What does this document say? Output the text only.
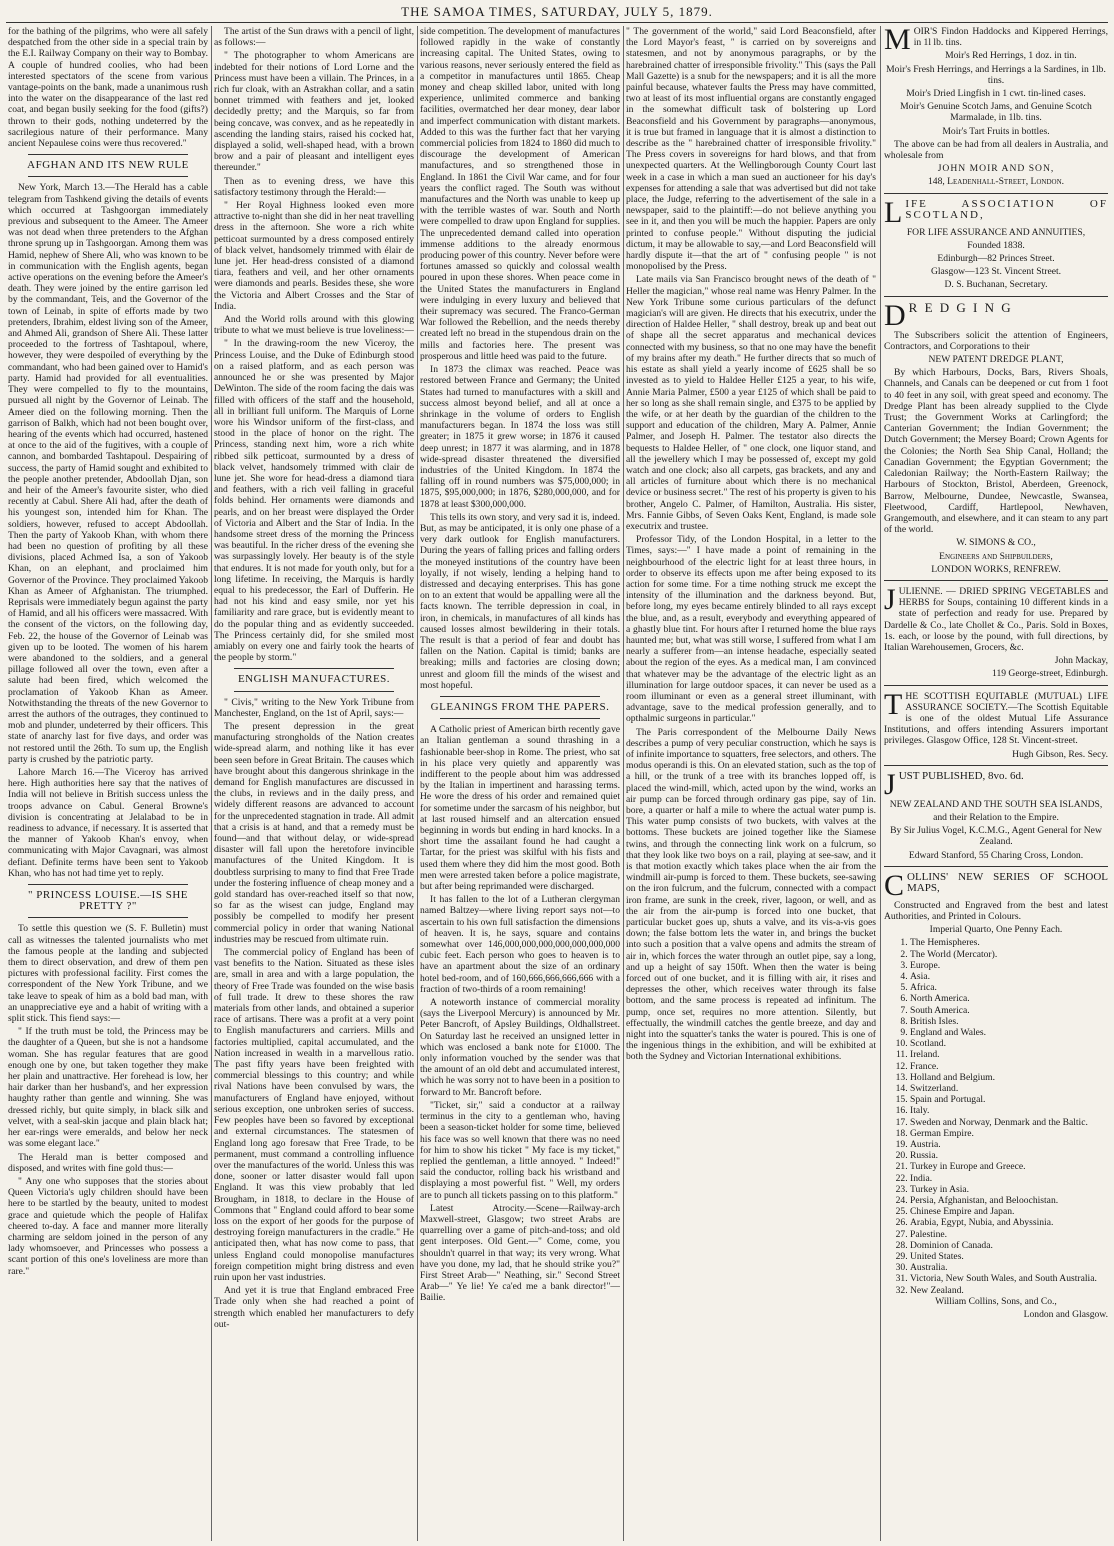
THE SAMOA TIMES, SATURDAY, JULY 5, 1879.

for the bathing of the pilgrims, who were all safely despatched from the other side in a special train by the E.I. Railway Company on their way to Bombay. A couple of hundred coolies, who had been interested spectators of the scene from various vantage-points on the bank, made a unanimous rush into the water on the disappearance of the last red coat, and began busily seeking for the food (gifts?) thrown to their gods, nothing undeterred by the sacrilegious nature of their performance. Many ancient Nepaulese coins were thus recovered."

AFGHAN AND ITS NEW RULE

New York, March 13.—The Herald has a cable telegram from Tashkend giving the details of events which occurred at Tashgoorgan immediately previous and subsequent to the Ameer. The Ameer was not dead when three pretenders to the Afghan throne sprung up in Tashgoorgan. Among them was Hamid, nephew of Shere Ali, who was known to be in communication with the English agents, began active operations on the evening before the Ameer's death. They were joined by the entire garrison led by the commandant, Teis, and the Governor of the town of Leinab, in spite of efforts made by two pretenders, Ibrahim, eldest living son of the Ameer, and Ahmed Ali, grandson of Shere Ali. These latter proceeded to the fortress of Tashtapoul, where, however, they were despoiled of everything by the commandant, who had been gained over to Hamid's party. Hamid had provided for all eventualities. They were compelled to fly to the mountains, pursued all night by the Governor of Leinab. The Ameer died on the following morning. Then the garrison of Balkh, which had not been bought over, hearing of the events which had occurred, hastened at once to the aid of the fugitives, with a couple of cannon, and bombarded Tashtapoul. Despairing of success, the party of Hamid sought and exhibited to the people another pretender, Abdoollah Djan, son and heir of the Ameer's favourite sister, who died recently at Cabul. Shere Ali had, after the death of his youngest son, intended him for Khan. The soldiers, however, refused to accept Abdoollah. Then the party of Yakoob Khan, with whom there had been no question of profiting by all these divisions, placed Achmed Isa, a son of Yakoob Khan, on an elephant, and proclaimed him Governor of the Province. They proclaimed Yakoob Khan as Ameer of Afghanistan. The triumphed. Reprisals were immediately begun against the party of Hamid, and all his officers were massacred. With the consent of the victors, on the following day, Feb. 22, the house of the Governor of Leinab was given up to be looted. The women of his harem were abandoned to the soldiers, and a general pillage followed all over the town, even after a salute had been fired, which welcomed the proclamation of Yakoob Khan as Ameer. Notwithstanding the threats of the new Governor to arrest the authors of the outrages, they continued to mob and plunder, undeterred by their officers. This state of anarchy last for five days, and order was not restored until the 26th. To sum up, the English party is crushed by the patriotic party.

Lahore March 16.—The Viceroy has arrived here. High authorities here say that the natives of India will not believe in British success unless the troops advance on Cabul. General Browne's division is concentrating at Jelalabad to be in readiness to advance, if necessary. It is asserted that the manner of Yakoob Khan's envoy, when communicating with Major Cavagnari, was almost defiant. Definite terms have been sent to Yakoob Khan, who has not had time yet to reply.

" PRINCESS LOUISE.—IS SHE PRETTY ?"

To settle this question we (S. F. Bulletin) must call as witnesses the talented journalists who met the famous people at the landing and subjected them to direct observation, and drew of them pen pictures with professional facility. First comes the correspondent of the New York Tribune, and we take leave to speak of him as a bold bad man, with an unappreciative eye and a habit of writing with a split stick. This fiend says:—

" If the truth must be told, the Princess may be the daughter of a Queen, but she is not a handsome woman. She has regular features that are good enough one by one, but taken together they make her plain and unattractive. Her forehead is low, her hair darker than her husband's, and her expression haughty rather than gentle and winning. She was dressed richly, but quite simply, in black silk and velvet, with a seal-skin jacque and plain black hat; her ear-rings were emeralds, and below her neck was some elegant lace."

The Herald man is better composed and disposed, and writes with fine gold thus:—

" Any one who supposes that the stories about Queen Victoria's ugly children should have been here to be startled by the beauty, united to modest grace and quietude which the people of Halifax cheered to-day. A face and manner more literally charming are seldom joined in the person of any lady whomsoever, and Princesses who possess a scant portion of this one's loveliness are more than rare."

The artist of the Sun draws with a pencil of light, as follows:—

" The photographer to whom Americans are indebted for their notions of Lord Lorne and the Princess must have been a villain. The Princes, in a rich fur cloak, with an Astrakhan collar, and a satin bonnet trimmed with feathers and jet, looked decidedly pretty; and the Marquis, so far from being concave, was convex, and as he repeatedly in ascending the landing stairs, raised his cocked hat, displayed a solid, well-shaped head, with a brown brow and a pair of pleasant and intelligent eyes thereunder."

Then as to evening dress, we have this satisfactory testimony through the Herald:—

" Her Royal Highness looked even more attractive to-night than she did in her neat travelling dress in the afternoon. She wore a rich white petticoat surmounted by a dress composed entirely of black velvet, handsomely trimmed with élair de lune jet. Her head-dress consisted of a diamond tiara, feathers and veil, and her other ornaments were diamonds and pearls. Besides these, she wore the Victoria and Albert Crosses and the Star of India.

And the World rolls around with this glowing tribute to what we must believe is true loveliness:—

" In the drawing-room the new Viceroy, the Princess Louise, and the Duke of Edinburgh stood on a raised platform, and as each person was announced he or she was presented by Major DeWinton. The side of the room facing the dais was filled with officers of the staff and the household, all in brilliant full uniform. The Marquis of Lorne wore his Windsor uniform of the first-class, and stood in the place of honor on the right. The Princess, standing next him, wore a rich white ribbed silk petticoat, surmounted by a dress of black velvet, handsomely trimmed with clair de lune jet. She wore for head-dress a diamond tiara and feathers, with a rich veil falling in graceful folds behind. Her ornaments were diamonds and pearls, and on her breast were displayed the Order of Victoria and Albert and the Star of India. In the handsome street dress of the morning the Princess was beautiful. In the richer dress of the evening she was surpassingly lovely. Her beauty is of the style that endures. It is not made for youth only, but for a long lifetime. In receiving, the Marquis is hardly equal to his predecessor, the Earl of Dufferin. He had not his kind and easy smile, nor yet his familiarity and rare grace, but is evidently meant to do the popular thing and as evidently succeeded. The Princess certainly did, for she smiled most amiably on every one and fairly took the hearts of the people by storm."

ENGLISH MANUFACTURES.

" Civis," writing to the New York Tribune from Manchester, England, on the 1st of April, says:—

The present depression in the great manufacturing strongholds of the Nation creates wide-spread alarm, and nothing like it has ever been seen before in Great Britain. The causes which have brought about this dangerous shrinkage in the demand for English manufactures are discussed in the clubs, in reviews and in the daily press, and widely different reasons are advanced to account for the unprecedented stagnation in trade. All admit that a crisis is at hand, and that a remedy must be found—and that without delay, or wide-spread disaster will fall upon the heretofore invincible manufactures of the United Kingdom. It is doubtless surprising to many to find that Free Trade under the fostering influence of cheap money and a gold standard has over-reached itself so that now, so far as the wisest can judge, England may possibly be compelled to modify her present commercial policy in order that waning National industries may be rescued from ultimate ruin.

The commercial policy of England has been of vast benefits to the Nation. Situated as these isles are, small in area and with a large population, the theory of Free Trade was founded on the wise basis of full trade. It drew to these shores the raw materials from other lands, and obtained a superior race of artisans. There was a profit at a very point to English manufacturers and carriers. Mills and factories multiplied, capital accumulated, and the Nation increased in wealth in a marvellous ratio. The past fifty years have been freighted with commercial blessings to this country; and while rival Nations have been convulsed by wars, the manufacturers of England have enjoyed, without serious exception, one unbroken series of success. Few peoples have been so favored by exceptional and external circumstances. The statesmen of England long ago foresaw that Free Trade, to be permanent, must command a controlling influence over the manufactures of the world. Unless this was done, sooner or latter disaster would fall upon England. It was this view probably that led Brougham, in 1818, to declare in the House of Commons that " England could afford to bear some loss on the export of her goods for the purpose of destroying foreign manufacturers in the cradle." He anticipated then, what has now come to pass, that unless England could monopolise manufactures foreign competition might bring distress and even ruin upon her vast industries.

And yet it is true that England embraced Free Trade only when she had reached a point of strength which enabled her manufacturers to defy out-

side competition. The development of manufactures followed rapidly in the wake of constantly increasing capital. The United States, owing to various reasons, never seriously entered the field as a competitor in manufactures until 1865. Cheap money and cheap skilled labor, united with long experience, unlimited commerce and banking facilities, overmatched her dear money, dear labor and imperfect communication with distant markets. Added to this was the further fact that her varying commercial policies from 1824 to 1860 did much to discourage the development of American manufactures, and so strengthened those in England. In 1861 the Civil War came, and for four years the conflict raged. The South was without manufactures and the North was unable to keep up with the terrible wastes of war. South and North were compelled to draw upon England for supplies. The unprecedented demand called into operation immense additions to the already enormous producing power of this country. Never before were fortunes amassed so quickly and colossal wealth poured in upon these shores. When peace come in the United States the manufacturers in England were indulging in every luxury and believed that their supremacy was secured. The Franco-German War followed the Rebellion, and the needs thereby created left no bread in the stupendous drain on the mills and factories here. The present was prosperous and little heed was paid to the future.

In 1873 the climax was reached. Peace was restored between France and Germany; the United States had turned to manufactures with a skill and success almost beyond belief, and all at once a shrinkage in the volume of orders to English manufacturers began. In 1874 the loss was still greater; in 1875 it grew worse; in 1876 it caused deep unrest; in 1877 it was alarming, and in 1878 wide-spread disaster threatened the diversified industries of the United Kingdom. In 1874 the falling off in round numbers was $75,000,000; in 1875, $95,000,000; in 1876, $280,000,000, and for 1878 at least $300,000,000.

This tells its own story, and very sad it is, indeed. But, as may be anticipated, it is only one phase of a very dark outlook for English manufacturers. During the years of falling prices and falling orders the moneyed institutions of the country have been loyally, if not wisely, lending a helping hand to distressed and decaying enterprises. This has gone on to an extent that would be appalling were all the facts known. The terrible depression in coal, in iron, in chemicals, in manufactures of all kinds has caused losses almost bewildering in their totals. The result is that a period of fear and doubt has fallen on the Nation. Capital is timid; banks are breaking; mills and factories are closing down; unrest and gloom fill the minds of the wisest and most hopeful.

GLEANINGS FROM THE PAPERS.

A Catholic priest of American birth recently gave an Italian gentleman a sound thrashing in a fashionable beer-shop in Rome. The priest, who sat in his place very quietly and apparently was indifferent to the people about him was addressed by the Italian in impertinent and harassing terms. He wore the dress of his order and remained quiet for sometime under the sarcasm of his neighbor, but at last roused himself and an altercation ensued beginning in words but ending in hard knocks. In a short time the assailant found he had caught a Tartar, for the priest was skilful with his fists and used them where they did him the most good. Both men were arrested taken before a police magistrate, but after being reprimanded were discharged.

It has fallen to the lot of a Lutheran clergyman named Baltzey—where living report says not—to ascertain to his own full satisfaction the dimensions of heaven. It is, he says, square and contains somewhat over 146,000,000,000,000,000,000,000 cubic feet. Each person who goes to heaven is to have an apartment about the size of an ordinary hotel bed-room, and of 160,666,666,666,666 with a fraction of two-thirds of a room remaining!

A noteworth instance of commercial morality (says the Liverpool Mercury) is announced by Mr. Peter Bancroft, of Apsley Buildings, Oldhallstreet. On Saturday last he received an unsigned letter in which was enclosed a bank note for £1000. The only information vouched by the sender was that the amount of an old debt and accumulated interest, which he was sorry not to have been in a position to forward to Mr. Bancroft before.

"Ticket, sir," said a conductor at a railway terminus in the city to a gentleman who, having been a season-ticket holder for some time, believed his face was so well known that there was no need for him to show his ticket " My face is my ticket," replied the gentleman, a little annoyed. " Indeed!" said the conductor, rolling back his wristband and displaying a most powerful fist. " Well, my orders are to punch all tickets passing on to this platform."

Latest Atrocity.—Scene—Railway-arch Maxwell-street, Glasgow; two street Arabs are quarrelling over a game of pitch-and-toss; and old gent interposes. Old Gent.—" Come, come, you shouldn't quarrel in that way; its very wrong. What have you done, my lad, that he should strike you?" First Street Arab—" Neathing, sir." Second Street Arab—" Ye lie! Ye ca'ed me a bank director!"—Bailie.

" The government of the world," said Lord Beaconsfield, after the Lord Mayor's feast, " is carried on by sovereigns and statesmen, and not by anonymous paragraphs, or by the harebrained chatter of irresponsible frivolity." This (says the Pall Mall Gazette) is a snub for the newspapers; and it is all the more painful because, whatever faults the Press may have committed, two at least of its most influential organs are constantly engaged in the somewhat difficult task of bolstering up Lord Beaconsfield and his Government by paragraphs—anonymous, it is true but framed in language that it is almost a distinction to describe as the " harebrained chatter of irresponsible frivolity." The Press covers in sovereigns for hard blows, and that from unexpected quarters. At the Wellingborough County Court last week in a case in which a man sued an auctioneer for his day's expenses for attending a sale that was advertised but did not take place, the Judge, referring to the advertisement of the sale in a newspaper, said to the plaintiff:—do not believe anything you see in it, and then you will be much the happier. Papers are only printed to confuse people." Without disputing the judicial dictum, it may be allowable to say,—and Lord Beaconsfield will hardly dispute it—that the art of " confusing people " is not monopolised by the Press.

Late mails via San Francisco brought news of the death of " Heller the magician," whose real name was Henry Palmer. In the New York Tribune some curious particulars of the defunct magician's will are given. He directs that his executrix, under the direction of Haldee Heller, " shall destroy, break up and beat out of shape all the secret apparatus and mechanical devices connected with my business, so that no one may have the benefit of my brains after my death." He further directs that so much of his estate as shall yield a yearly income of £625 shall be so invested as to yield to Haldee Heller £125 a year, to his wife, Annie Maria Palmer, £500 a year £125 of which shall be paid to her so long as she shall remain single, and £375 to be applied by the wife, or at her death by the guardian of the children to the support and education of the children, Mary A. Palmer, Annie Palmer, and Joseph H. Palmer. The testator also directs the bequests to Haldee Heller, of " one clock, one liquor stand, and all the jewellery which I may be possessed of, except my gold watch and one clock; also all carpets, gas brackets, and any and all articles of furniture about which there is no mechanical device or business secret." The rest of his property is given to his brother, Angelo C. Palmer, of Hamilton, Australia. His sister, Mrs. Fannie Gibbs, of Seven Oaks Kent, England, is made sole executrix and trustee.

Professor Tidy, of the London Hospital, in a letter to the Times, says:—" I have made a point of remaining in the neighbourhood of the electric light for at least three hours, in order to observe its effects upon me after being exposed to its action for some time. For a time nothing struck me except the intensity of the illumination and the darkness beyond. But, before long, my eyes became entirely blinded to all rays except the blue, and, as a result, everybody and everything appeared of a ghastly blue tint. For hours after I returned home the blue rays haunted me; but, what was still worse, I suffered from what I am nearly a sufferer from—an intense headache, especially seated about the region of the eyes. As a medical man, I am convinced that whatever may be the advantage of the electric light as an illumination for large outdoor spaces, it can never be used as a room illuminant or even as a general street illuminant, with advantage, save to the medical profession generally, and to opthalmic surgeons in particular."

The Paris correspondent of the Melbourne Daily News describes a pump of very peculiar construction, which he says is of infinite importance to squatters, free selectors, and others. The modus operandi is this. On an elevated station, such as the top of a hill, or the trunk of a tree with its branches lopped off, is placed the wind-mill, which, acted upon by the wind, works an air pump can be forced through ordinary gas pipe, say of 1in. bore, a quarter or half a mile to where the actual water pump is. This water pump consists of two buckets, with valves at the bottoms. These buckets are joined together like the Siamese twins, and through the connecting link work on a fulcrum, so that they look like two boys on a rail, playing at see-saw, and it is that motion exactly which takes place when the air from the windmill air-pump is forced to them. These buckets, see-sawing on the iron fulcrum, and the fulcrum, connected with a compact iron frame, are sunk in the creek, river, lagoon, or well, and as the air from the air-pump is forced into one bucket, that particular bucket goes up, shuts a valve, and its vis-a-vis goes down; the false bottom lets the water in, and brings the bucket into such a position that a valve opens and admits the stream of air in, which forces the water through an outlet pipe, say a long, and up a height of say 150ft. When then the water is being forced out of one bucket, and it is filling with air, it rises and depresses the other, which receives water through its false bottom, and the same process is repeated ad infinitum. The pump, once set, requires no more attention. Silently, but effectually, the windmill catches the gentle breeze, and day and night into the squatter's tanks the water is poured. This is one of the ingenious things in the exhibition, and will be exhibited at both the Sydney and Victorian International exhibitions.

MOIR'S Findon Haddocks and Kippered Herrings, in 1l lb. tins.

Moir's Red Herrings, 1 doz. in tin.

Moir's Fresh Herrings, and Herrings a la Sardines, in 1lb. tins.

Moir's Dried Lingfish in 1 cwt. tin-lined cases.

Moir's Genuine Scotch Jams, and Genuine Scotch Marmalade, in 1lb. tins.

Moir's Tart Fruits in bottles.

The above can be had from all dealers in Australia, and wholesale from

JOHN MOIR AND SON,

148, Leadenhall-Street, London.

LIFE ASSOCIATION OF SCOTLAND,

FOR LIFE ASSURANCE AND ANNUITIES,

Founded 1838.

Edinburgh—82 Princes Street.

Glasgow—123 St. Vincent Street.

D. S. Buchanan, Secretary.

D R E D G I N G

The Subscribers solicit the attention of Engineers, Contractors, and Corporations to their

NEW PATENT DREDGE PLANT,

By which Harbours, Docks, Bars, Rivers Shoals, Channels, and Canals can be deepened or cut from 1 foot to 40 feet in any soil, with great speed and economy. The Dredge Plant has been already supplied to the Clyde Trust; the Government Works at Carlingford; the Canterian Government; the Indian Government; the Dutch Government; the Mersey Board; Crown Agents for the Colonies; the North Sea Ship Canal, Holland; the Canadian Government; the Egyptian Government; the Caledonian Railway; the North-Eastern Railway; the Harbours of Stockton, Bristol, Aberdeen, Greenock, Barrow, Melbourne, Dundee, Newcastle, Swansea, Fleetwood, Cardiff, Hartlepool, Newhaven, Grangemouth, and elsewhere, and it can steam to any part of the world.

W. SIMONS & CO.,

Engineers and Shipbuilders,

LONDON WORKS, RENFREW.

JULIENNE. — DRIED SPRING VEGETABLES and HERBS for Soups, containing 10 different kinds in a state of perfection and ready for use. Prepared by Dardelle & Co., late Chollet & Co., Paris. Sold in Boxes, 1s. each, or loose by the pound, with full directions, by Italian Warehousemen, Grocers, &c.

John Mackay,

119 George-street, Edinburgh.

THE SCOTTISH EQUITABLE (MUTUAL) LIFE ASSURANCE SOCIETY.—The Scottish Equitable is one of the oldest Mutual Life Assurance Institutions, and offers intending Assurers important privileges. Glasgow Office, 128 St. Vincent-street.

Hugh Gibson, Res. Secy.

JUST PUBLISHED, 8vo. 6d.

NEW ZEALAND AND THE SOUTH SEA ISLANDS,

and their Relation to the Empire.

By Sir Julius Vogel, K.C.M.G., Agent General for New Zealand.

Edward Stanford, 55 Charing Cross, London.

COLLINS' NEW SERIES OF SCHOOL MAPS,

Constructed and Engraved from the best and latest Authorities, and Printed in Colours.

Imperial Quarto, One Penny Each.

1. The Hemispheres.
2. The World (Mercator).
3. Europe.
4. Asia.
5. Africa.
6. North America.
7. South America.
8. British Isles.
9. England and Wales.
10. Scotland.
11. Ireland.
12. France.
13. Holland and Belgium.
14. Switzerland.
15. Spain and Portugal.
16. Italy.
17. Sweden and Norway, Denmark and the Baltic.
18. German Empire.
19. Austria.
20. Russia.
21. Turkey in Europe and Greece.
22. India.
23. Turkey in Asia.
24. Persia, Afghanistan, and Beloochistan.
25. Chinese Empire and Japan.
26. Arabia, Egypt, Nubia, and Abyssinia.
27. Palestine.
28. Dominion of Canada.
29. United States.
30. Australia.
31. Victoria, New South Wales, and South Australia.
32. New Zealand.

William Collins, Sons, and Co.,

London and Glasgow.
